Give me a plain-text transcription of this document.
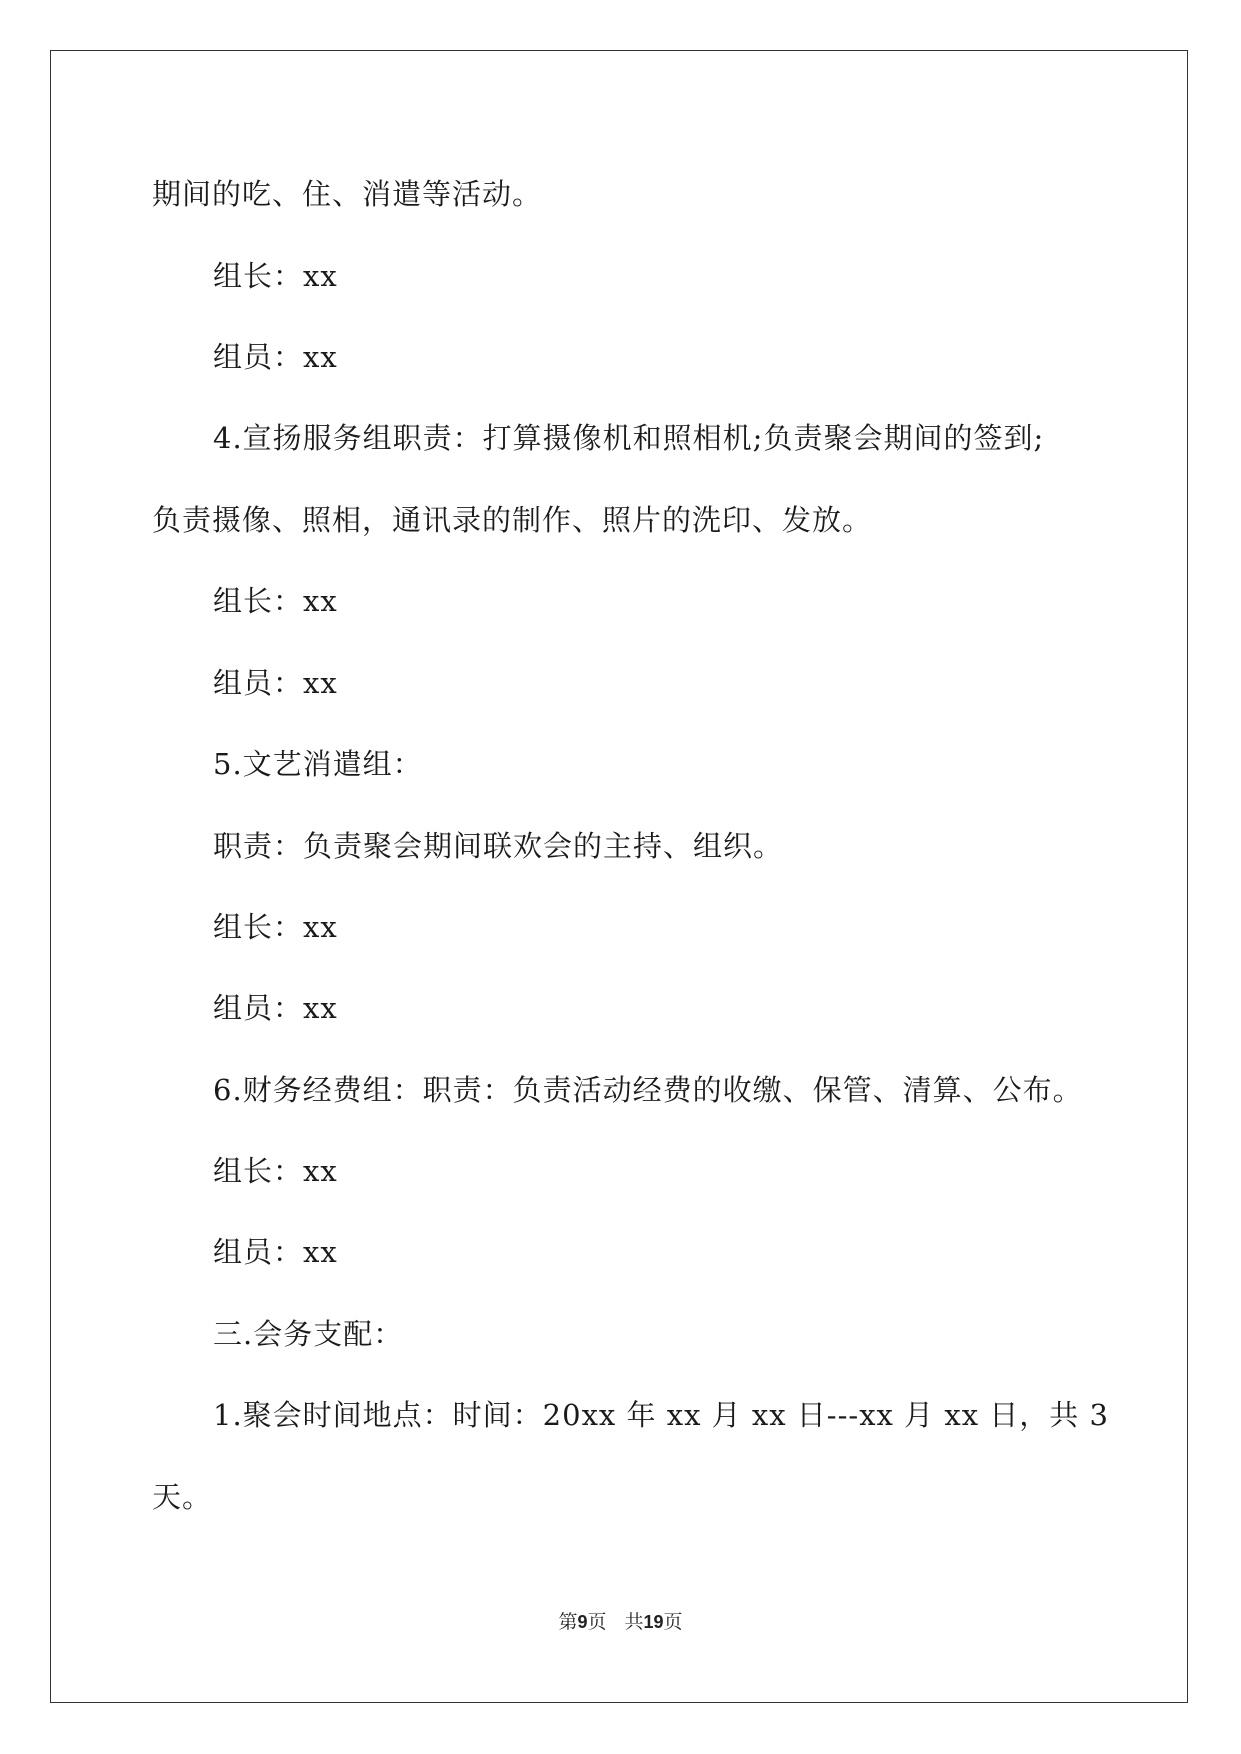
期间的吃、住、消遣等活动。
组长：xx
组员：xx
4.宣扬服务组职责：打算摄像机和照相机;负责聚会期间的签到;
负责摄像、照相，通讯录的制作、照片的洗印、发放。
组长：xx
组员：xx
5.文艺消遣组：
职责：负责聚会期间联欢会的主持、组织。
组长：xx
组员：xx
6.财务经费组：职责：负责活动经费的收缴、保管、清算、公布。
组长：xx
组员：xx
三.会务支配：
1.聚会时间地点：时间：20xx 年 xx 月 xx 日---xx 月 xx 日，共 3
天。
第9页 共19页
